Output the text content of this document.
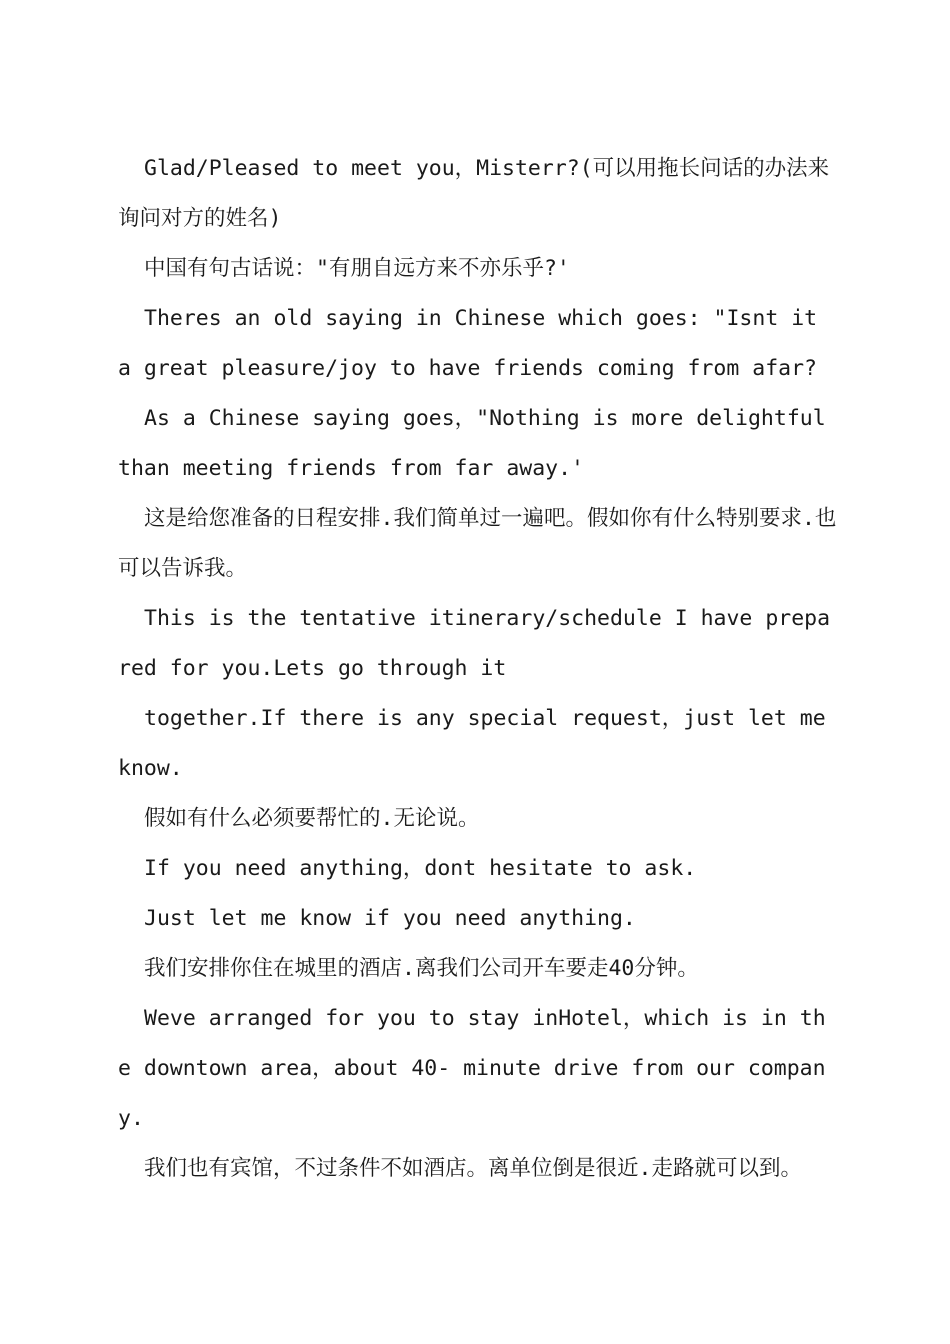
Glad/Pleased to meet you，Misterr?(可以用拖长问话的办法来询问对方的姓名)

中国有句古话说："有朋自远方来不亦乐乎?'

Theres an old saying in Chinese which goes: "Isnt it a great pleasure/joy to have friends coming from afar?

As a Chinese saying goes，"Nothing is more delightful than meeting friends from far away.'

这是给您准备的日程安排.我们简单过一遍吧。假如你有什么特别要求.也可以告诉我。

This is the tentative itinerary/schedule I have prepared for you.Lets go through it

together.If there is any special request，just let me know.

假如有什么必须要帮忙的.无论说。

If you need anything，dont hesitate to ask.

Just let me know if you need anything.

我们安排你住在城里的酒店.离我们公司开车要走40分钟。

Weve arranged for you to stay inHotel，which is in the downtown area，about 40- minute drive from our company.

我们也有宾馆，不过条件不如酒店。离单位倒是很近.走路就可以到。
